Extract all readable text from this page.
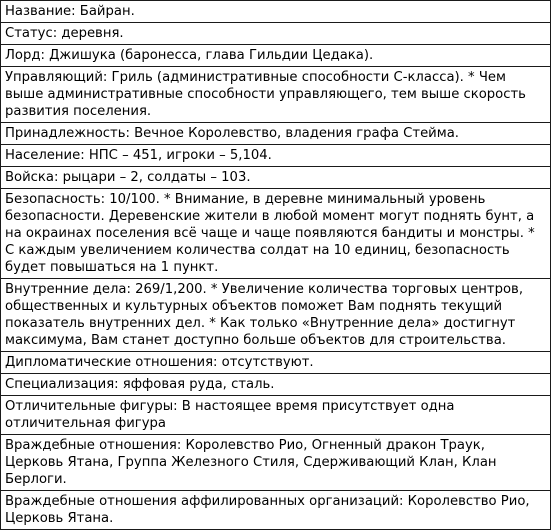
Название: Байран.
Статус: деревня.
Лорд: Джишука (баронесса, глава Гильдии Цедака).
Управляющий: Гриль (административные способности С-класса). * Чем выше административные способности управляющего, тем выше скорость развития поселения.
Принадлежность: Вечное Королевство, владения графа Стейма.
Население: НПС – 451, игроки – 5,104.
Войска: рыцари – 2, солдаты – 103.
Безопасность: 10/100. * Внимание, в деревне минимальный уровень безопасности. Деревенские жители в любой момент могут поднять бунт, а на окраинах поселения всё чаще и чаще появляются бандиты и монстры. * С каждым увеличением количества солдат на 10 единиц, безопасность будет повышаться на 1 пункт.
Внутренние дела: 269/1,200. * Увеличение количества торговых центров, общественных и культурных объектов поможет Вам поднять текущий показатель внутренних дел. * Как только «Внутренние дела» достигнут максимума, Вам станет доступно больше объектов для строительства.
Дипломатические отношения: отсутствуют.
Специализация: яффовая руда, сталь.
Отличительные фигуры: В настоящее время присутствует одна отличительная фигура
Враждебные отношения: Королевство Рио, Огненный дракон Траук, Церковь Ятана, Группа Железного Стиля, Сдерживающий Клан, Клан Берлоги.
Враждебные отношения аффилированных организаций: Королевство Рио, Церковь Ятана.
